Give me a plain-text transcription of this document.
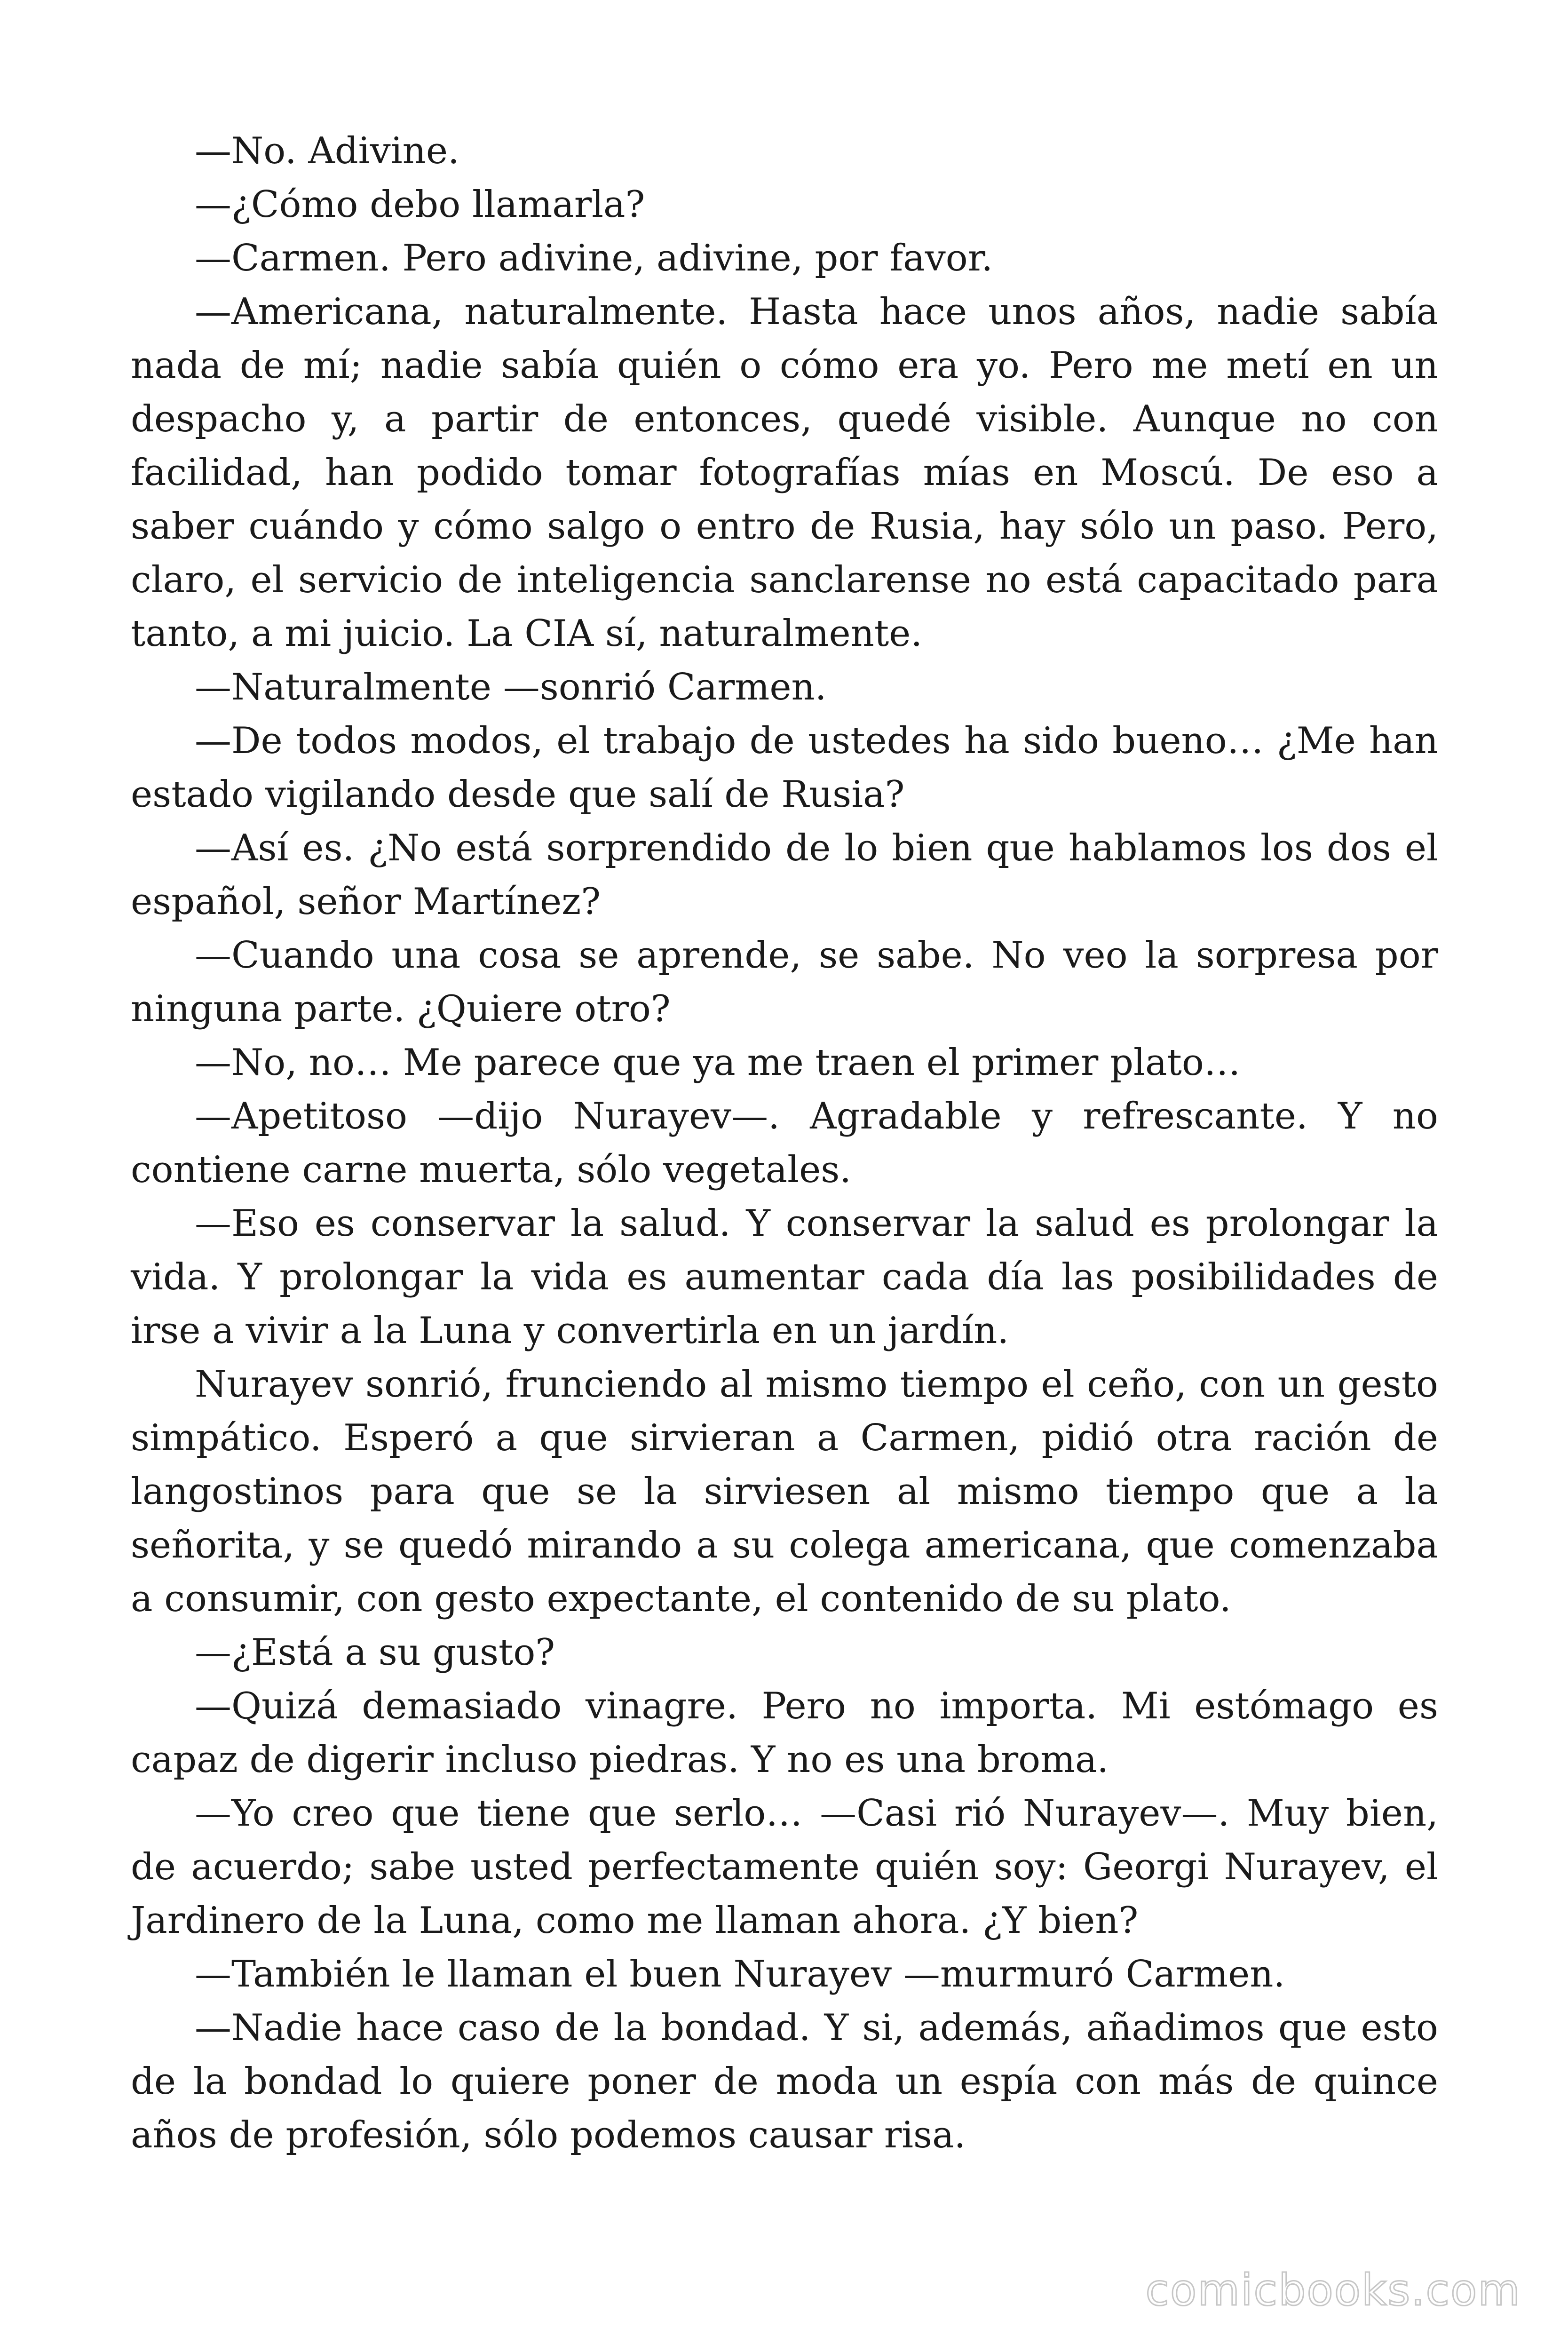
—No. Adivine.

—¿Cómo debo llamarla?

—Carmen. Pero adivine, adivine, por favor.

—Americana, naturalmente. Hasta hace unos años, nadie sabía nada de mí; nadie sabía quién o cómo era yo. Pero me metí en un despacho y, a partir de entonces, quedé visible. Aunque no con facilidad, han podido tomar fotografías mías en Moscú. De eso a saber cuándo y cómo salgo o entro de Rusia, hay sólo un paso. Pero, claro, el servicio de inteligencia sanclarense no está capacitado para tanto, a mi juicio. La CIA sí, naturalmente.

—Naturalmente —sonrió Carmen.

—De todos modos, el trabajo de ustedes ha sido bueno… ¿Me han estado vigilando desde que salí de Rusia?

—Así es. ¿No está sorprendido de lo bien que hablamos los dos el español, señor Martínez?

—Cuando una cosa se aprende, se sabe. No veo la sorpresa por ninguna parte. ¿Quiere otro?

—No, no… Me parece que ya me traen el primer plato…

—Apetitoso —dijo Nurayev—. Agradable y refrescante. Y no contiene carne muerta, sólo vegetales.

—Eso es conservar la salud. Y conservar la salud es prolongar la vida. Y prolongar la vida es aumentar cada día las posibilidades de irse a vivir a la Luna y convertirla en un jardín.

Nurayev sonrió, frunciendo al mismo tiempo el ceño, con un gesto simpático. Esperó a que sirvieran a Carmen, pidió otra ración de langostinos para que se la sirviesen al mismo tiempo que a la señorita, y se quedó mirando a su colega americana, que comenzaba a consumir, con gesto expectante, el contenido de su plato.

—¿Está a su gusto?

—Quizá demasiado vinagre. Pero no importa. Mi estómago es capaz de digerir incluso piedras. Y no es una broma.

—Yo creo que tiene que serlo… —Casi rió Nurayev—. Muy bien, de acuerdo; sabe usted perfectamente quién soy: Georgi Nurayev, el Jardinero de la Luna, como me llaman ahora. ¿Y bien?

—También le llaman el buen Nurayev —murmuró Carmen.

—Nadie hace caso de la bondad. Y si, además, añadimos que esto de la bondad lo quiere poner de moda un espía con más de quince años de profesión, sólo podemos causar risa.

comicbooks.com
